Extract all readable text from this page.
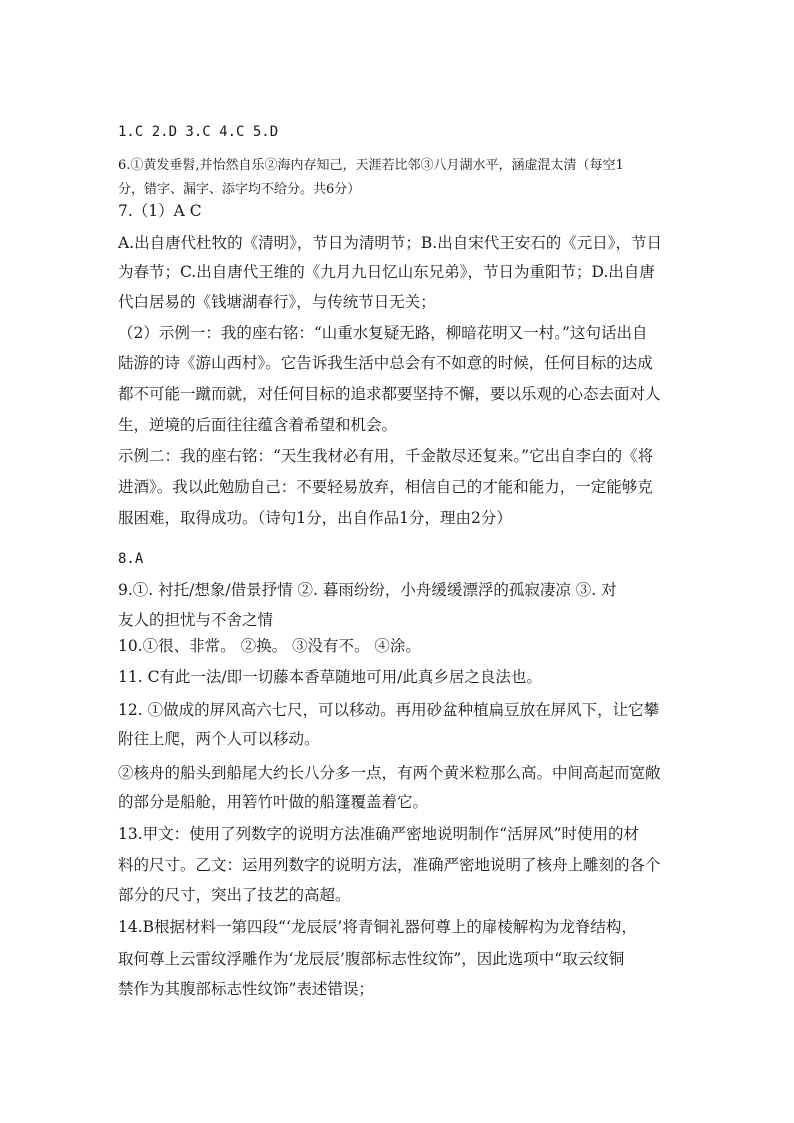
1.C 2.D 3.C 4.C 5.D
6.①黄发垂髫,并怡然自乐②海内存知己，天涯若比邻③八月湖水平，涵虚混太清（每空1
分，错字、漏字、添字均不给分。共6分）
7.（1）A C
A.出自唐代杜牧的《清明》，节日为清明节；B.出自宋代王安石的《元日》，节日
为春节；C.出自唐代王维的《九月九日忆山东兄弟》，节日为重阳节；D.出自唐
代白居易的《钱塘湖春行》，与传统节日无关；
（2）示例一：我的座右铭：“山重水复疑无路，柳暗花明又一村。”这句话出自
陆游的诗《游山西村》。它告诉我生活中总会有不如意的时候，任何目标的达成
都不可能一蹴而就，对任何目标的追求都要坚持不懈，要以乐观的心态去面对人
生，逆境的后面往往蕴含着希望和机会。
示例二：我的座右铭：“天生我材必有用，千金散尽还复来。”它出自李白的《将
进酒》。我以此勉励自己：不要轻易放弃，相信自己的才能和能力，一定能够克
服困难，取得成功。（诗句1分，出自作品1分，理由2分）
8.A
9.①. 衬托/想象/借景抒情 ②. 暮雨纷纷，小舟缓缓漂浮的孤寂凄凉 ③. 对
友人的担忧与不舍之情
10.①很、非常。 ②换。 ③没有不。 ④涂。
11. C有此一法/即一切藤本香草随地可用/此真乡居之良法也。
12. ①做成的屏风高六七尺，可以移动。再用砂盆种植扁豆放在屏风下，让它攀
附往上爬，两个人可以移动。
②核舟的船头到船尾大约长八分多一点，有两个黄米粒那么高。中间高起而宽敞
的部分是船舱，用箬竹叶做的船篷覆盖着它。
13.甲文：使用了列数字的说明方法准确严密地说明制作“活屏风”时使用的材
料的尺寸。乙文：运用列数字的说明方法，准确严密地说明了核舟上雕刻的各个
部分的尺寸，突出了技艺的高超。
14.B根据材料一第四段“‘龙辰辰’将青铜礼器何尊上的扉棱解构为龙脊结构，
取何尊上云雷纹浮雕作为‘龙辰辰’腹部标志性纹饰”，因此选项中“取云纹铜
禁作为其腹部标志性纹饰”表述错误；
